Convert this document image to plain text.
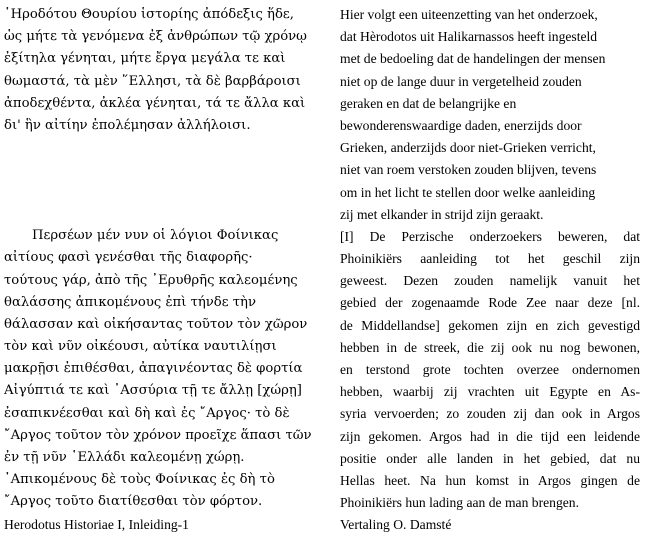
῾Ηροδότου Θουρίου ἱστορίης ἀπόδεξις ἥδε,
ὡς μήτε τὰ γενόμενα ἐξ ἀνθρώπων τῷ χρόνῳ
ἐξίτηλα γένηται, μήτε ἔργα μεγάλα τε καὶ
θωμαστά, τὰ μὲν ῞Ελλησι, τὰ δὲ βαρβάροισι
ἀποδεχθέντα, ἀκλέα γένηται, τά τε ἄλλα καὶ
δι' ἣν αἰτίην ἐπολέμησαν ἀλλήλοισι.
Περσέων μέν νυν οἱ λόγιοι Φοίνικας
αἰτίους φασὶ γενέσθαι τῆς διαφορῆς·
τούτους γάρ, ἀπὸ τῆς ᾿Ερυθρῆς καλεομένης
θαλάσσης ἀπικομένους ἐπὶ τήνδε τὴν
θάλασσαν καὶ οἰκήσαντας τοῦτον τὸν χῶρον
τὸν καὶ νῦν οἰκέουσι, αὐτίκα ναυτιλίῃσι
μακρῇσι ἐπιθέσθαι, ἀπαγινέοντας δὲ φορτία
Αἰγύπτιά τε καὶ ᾿Ασσύρια τῇ τε ἄλλῃ [χώρῃ]
ἐσαπικνέεσθαι καὶ δὴ καὶ ἐς ῎Αργος· τὸ δὲ
῎Αργος τοῦτον τὸν χρόνον προεῖχε ἅπασι τῶν
ἐν τῇ νῦν ῾Ελλάδι καλεομένῃ χώρῃ.
᾿Απικομένους δὲ τοὺς Φοίνικας ἐς δὴ τὸ
῎Αργος τοῦτο διατίθεσθαι τὸν φόρτον.
Herodotus Historiae I, Inleiding-1
Hier volgt een uiteenzetting van het onderzoek,
dat Hèrodotos uit Halikarnassos heeft ingesteld
met de bedoeling dat de handelingen der mensen
niet op de lange duur in vergetelheid zouden
geraken en dat de belangrijke en
bewonderenswaardige daden, enerzijds door
Grieken, anderzijds door niet-Grieken verricht,
niet van roem verstoken zouden blijven, tevens
om in het licht te stellen door welke aanleiding
zij met elkander in strijd zijn geraakt.
[I] De Perzische onderzoekers beweren, dat
Phoinikiërs aanleiding tot het geschil zijn
geweest. Dezen zouden namelijk vanuit het
gebied der zogenaamde Rode Zee naar deze [nl.
de Middellandse] gekomen zijn en zich gevestigd
hebben in de streek, die zij ook nu nog bewonen,
en terstond grote tochten overzee ondernomen
hebben, waarbij zij vrachten uit Egypte en As-
syria vervoerden; zo zouden zij dan ook in Argos
zijn gekomen. Argos had in die tijd een leidende
positie onder alle landen in het gebied, dat nu
Hellas heet. Na hun komst in Argos gingen de
Phoinikiërs hun lading aan de man brengen.
Vertaling O. Damsté
